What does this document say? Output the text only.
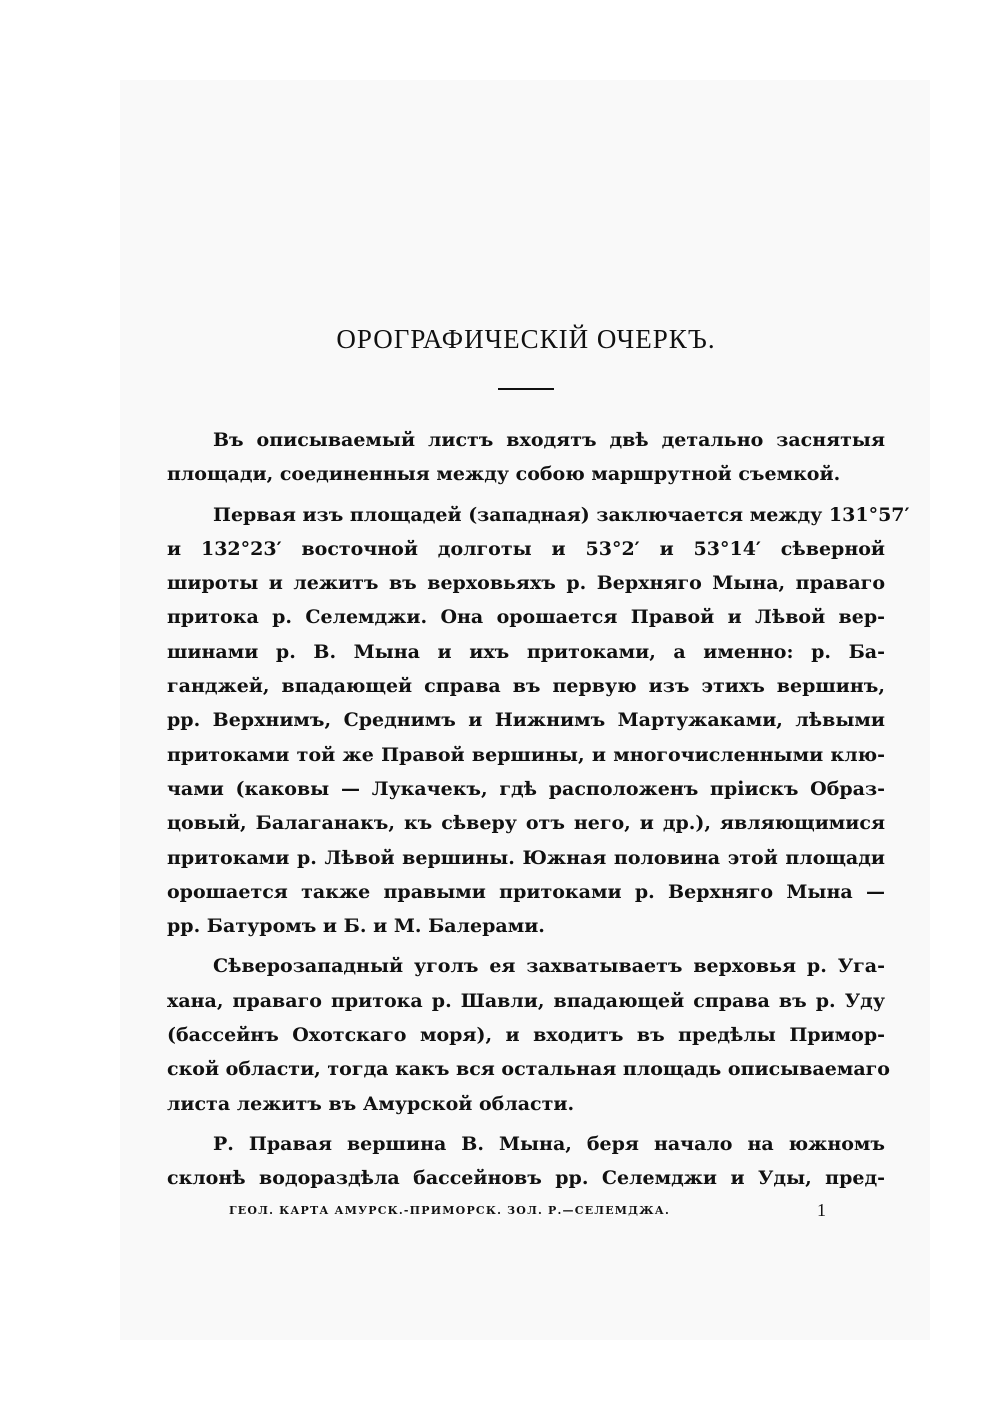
ОРОГРАФИЧЕСКІЙ ОЧЕРКЪ.

Въ описываемый листъ входятъ двѣ детально заснятыя
площади, соединенныя между собою маршрутной съемкой.

Первая изъ площадей (западная) заключается между 131°57′
и 132°23′ восточной долготы и 53°2′ и 53°14′ сѣверной
широты и лежитъ въ верховьяхъ р. Верхняго Мына, праваго
притока р. Селемджи. Она орошается Правой и Лѣвой вер-
шинами р. В. Мына и ихъ притоками, а именно: р. Ба-
ганджей, впадающей справа въ первую изъ этихъ вершинъ,
рр. Верхнимъ, Среднимъ и Нижнимъ Мартужаками, лѣвыми
притоками той же Правой вершины, и многочисленными клю-
чами (каковы — Лукачекъ, гдѣ расположенъ пріискъ Образ-
цовый, Балаганакъ, къ сѣверу отъ него, и др.), являющимися
притоками р. Лѣвой вершины. Южная половина этой площади
орошается также правыми притоками р. Верхняго Мына —
рр. Батуромъ и Б. и М. Балерами.

Сѣверозападный уголъ ея захватываетъ верховья р. Уга-
хана, праваго притока р. Шавли, впадающей справа въ р. Уду
(бассейнъ Охотскаго моря), и входитъ въ предѣлы Примор-
ской области, тогда какъ вся остальная площадь описываемаго
листа лежитъ въ Амурской области.

Р. Правая вершина В. Мына, беря начало на южномъ
склонѣ водораздѣла бассейновъ рр. Селемджи и Уды, пред-

ГЕОЛ. КАРТА АМУРСК.-ПРИМОРСК. ЗОЛ. Р.—СЕЛЕМДЖА.	1
